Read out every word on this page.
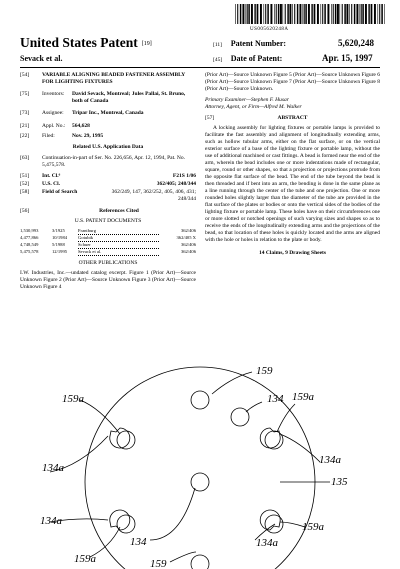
US005620248A
United States Patent [19]
Sevack et al.
[11] Patent Number:	5,620,248
[45] Date of Patent:	Apr. 15, 1997
[54] VARIABLE ALIGNING BEADED FASTENER ASSEMBLY FOR LIGHTING FIXTURES
[75] Inventors:	David Sevack, Montreal; Jules Pallai, St. Bruno, both of Canada
[73] Assignee:	Tripar Inc., Montreal, Canada
[21] Appl. No.:	564,628
[22] Filed:	Nov. 29, 1995
Related U.S. Application Data
[63] Continuation-in-part of Ser. No. 226,656, Apr. 12, 1994, Pat. No. 5,475,578.
[51] Int. Cl.⁶	F21S 1/06
[52] U.S. Cl.	362/405; 248/344
[58] Field of Search	362/249, 147, 362/252, 405, 406, 431; 248/344
[56]	References Cited
U.S. PATENT DOCUMENTS
1,530,993	3/1925	Frantburg	362/406
4,477,866	10/1984	Gotubik	362/405 X
4,748,549	5/1988	Schuer	362/406
5,475,578	12/1995	Sevack et al.	362/406
OTHER PUBLICATIONS
I.W. Industries, Inc.—undated catalog excerpt. Figure 1 (Prior Art)—Source Unknown Figure 2 (Prior Art)—Source Unknown Figure 3 (Prior Art)—Source Unknown Figure 4
(Prior Art)—Source Unknown Figure 5 (Prior Art)—Source Unknown Figure 6 (Prior Art)—Source Unknown Figure 7 (Prior Art)—Source Unknown Figure 8 (Prior Art)—Source Unknown.
Primary Examiner—Stephen F. Husar
Attorney, Agent, or Firm—Alfred M. Walker
[57]	ABSTRACT
A locking assembly for lighting fixtures or portable lamps is provided to facilitate the fast assembly and alignment of longitudinally extending arms, such as hollow tubular arms, either on the flat surface, or on the vertical exterior surface of a base of the lighting fixture or portable lamp, without the use of additional machined or cast fittings. A bead is formed near the end of the arm, wherein the bead includes one or more indentations made of rectangular, square, round or other shapes, so that a projection or projections protrude from the opposite flat surface of the bead. The end of the tube beyond the bead is then threaded and if bent into an arm, the bending is done in the same plane as a line running through the center of the tube and one projection. One or more rounded holes slightly larger than the diameter of the tube are provided in the flat surface of the plates or bodies or onto the vertical sides of the bodies of the lighting fixture or portable lamp. These holes have on their circumferences one or more slotted or notched openings of such varying sizes and shapes so as to receive the ends of the longitudinally extending arms and the projections of the bead, so that location of these holes is quickly located and the arms are aligned with the hole or holes in relation to the plate or body.
14 Claims, 9 Drawing Sheets
159
134
159a	159a
134a
134a
135
134a	159a
159a
134	134a
159
